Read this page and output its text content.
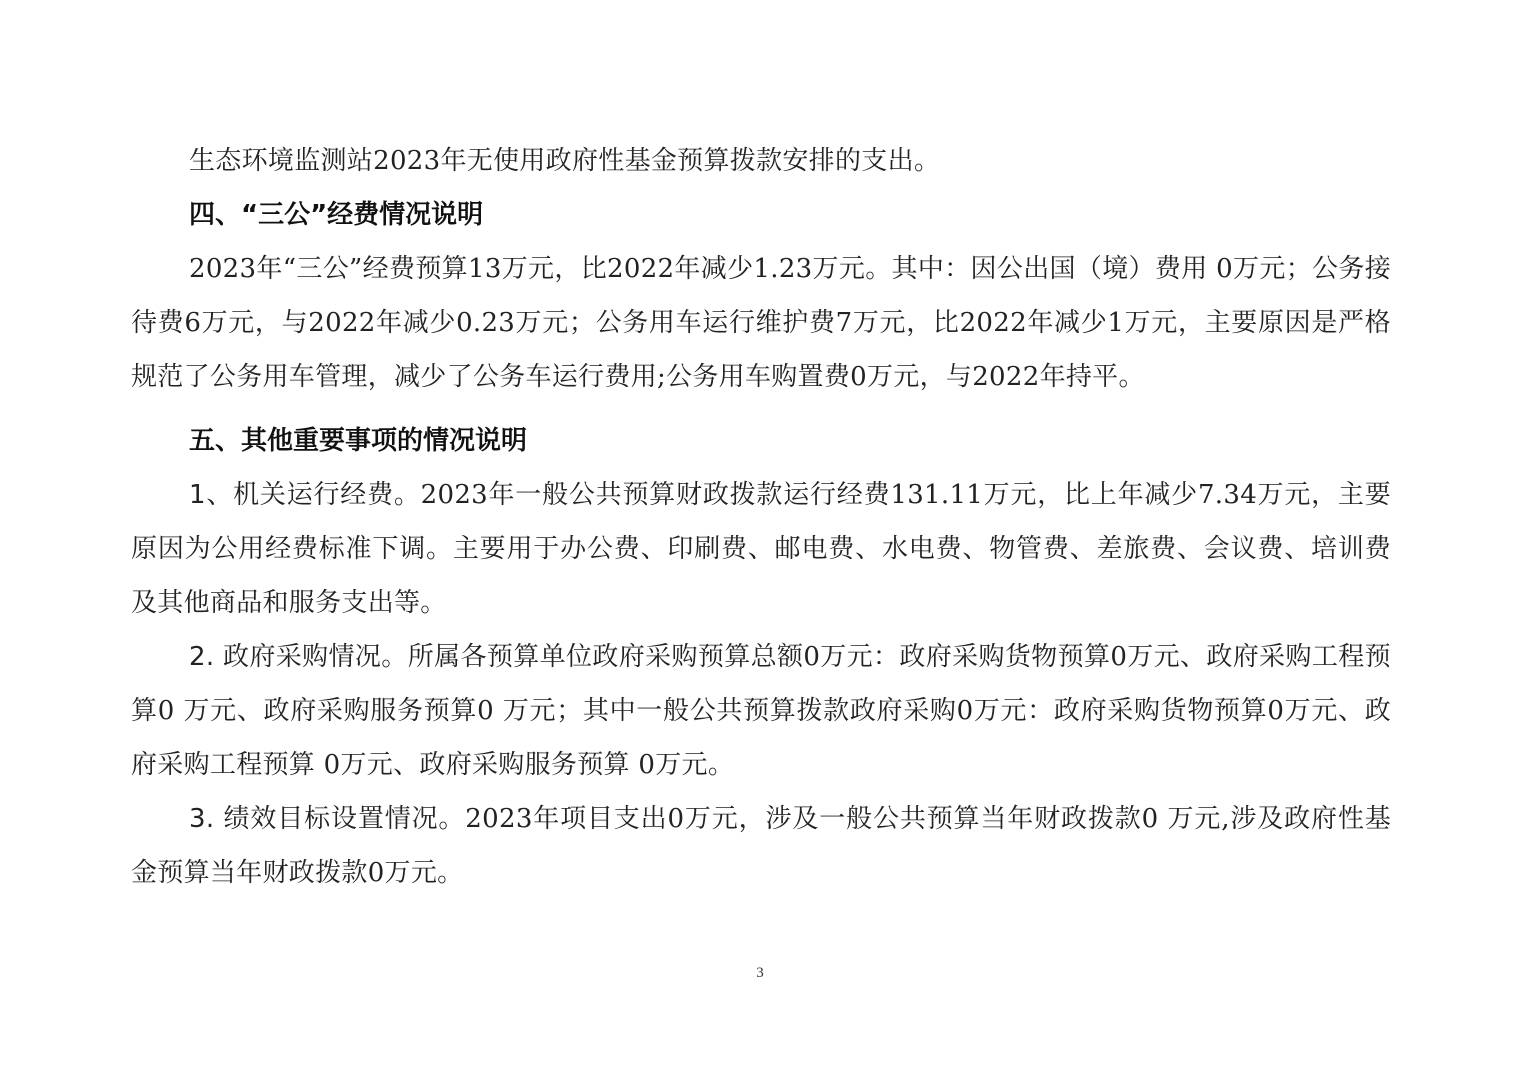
生态环境监测站2023年无使用政府性基金预算拨款安排的支出。

四、“三公”经费情况说明

2023年“三公”经费预算13万元，比2022年减少1.23万元。其中：因公出国（境）费用 0万元；公务接待费6万元，与2022年减少0.23万元；公务用车运行维护费7万元，比2022年减少1万元，主要原因是严格规范了公务用车管理，减少了公务车运行费用;公务用车购置费0万元，与2022年持平。

五、其他重要事项的情况说明

1、机关运行经费。2023年一般公共预算财政拨款运行经费131.11万元，比上年减少7.34万元，主要原因为公用经费标准下调。主要用于办公费、印刷费、邮电费、水电费、物管费、差旅费、会议费、培训费及其他商品和服务支出等。

2. 政府采购情况。所属各预算单位政府采购预算总额0万元：政府采购货物预算0万元、政府采购工程预算0 万元、政府采购服务预算0 万元；其中一般公共预算拨款政府采购0万元：政府采购货物预算0万元、政府采购工程预算 0万元、政府采购服务预算 0万元。

3. 绩效目标设置情况。2023年项目支出0万元，涉及一般公共预算当年财政拨款0 万元,涉及政府性基金预算当年财政拨款0万元。

3
